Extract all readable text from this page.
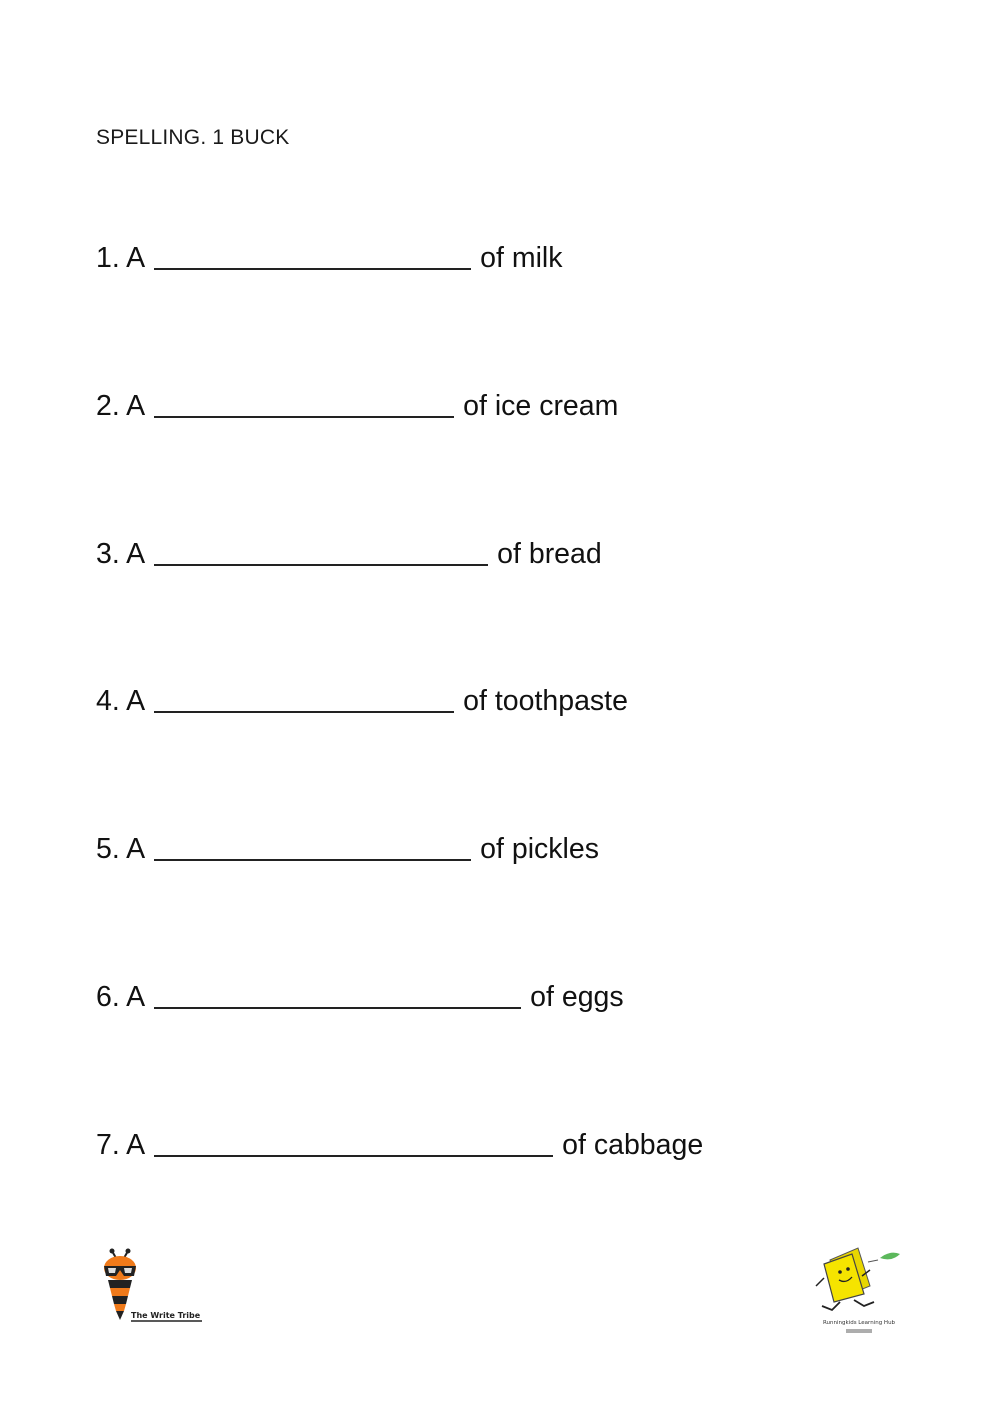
SPELLING. 1 BUCK
1. A	of milk
2. A	of ice cream
3. A	of bread
4. A	of toothpaste
5. A	of pickles
6. A	of eggs
7. A	of cabbage
The Write Tribe
Runningkids Learning Hub
